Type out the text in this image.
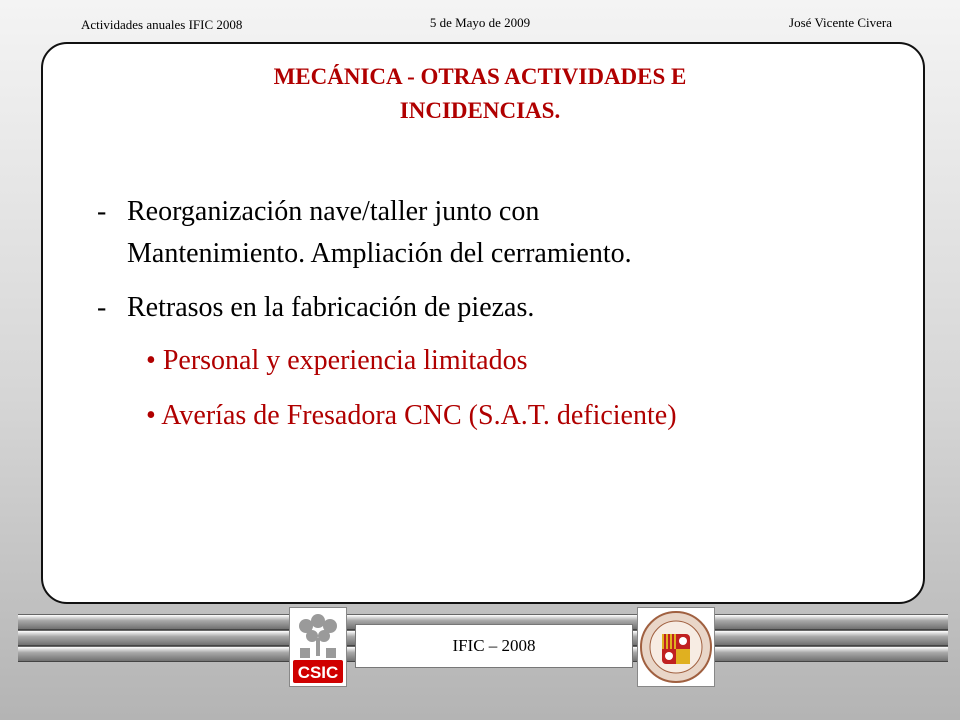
Actividades anuales IFIC 2008	5 de Mayo de 2009	José Vicente Civera
MECÁNICA - OTRAS ACTIVIDADES E
INCIDENCIAS.
- Reorganización nave/taller junto con
Mantenimiento. Ampliación del cerramiento.
- Retrasos en la fabricación de piezas.
• Personal y experiencia limitados
• Averías de Fresadora CNC (S.A.T. deficiente)
IFIC – 2008
CSIC
